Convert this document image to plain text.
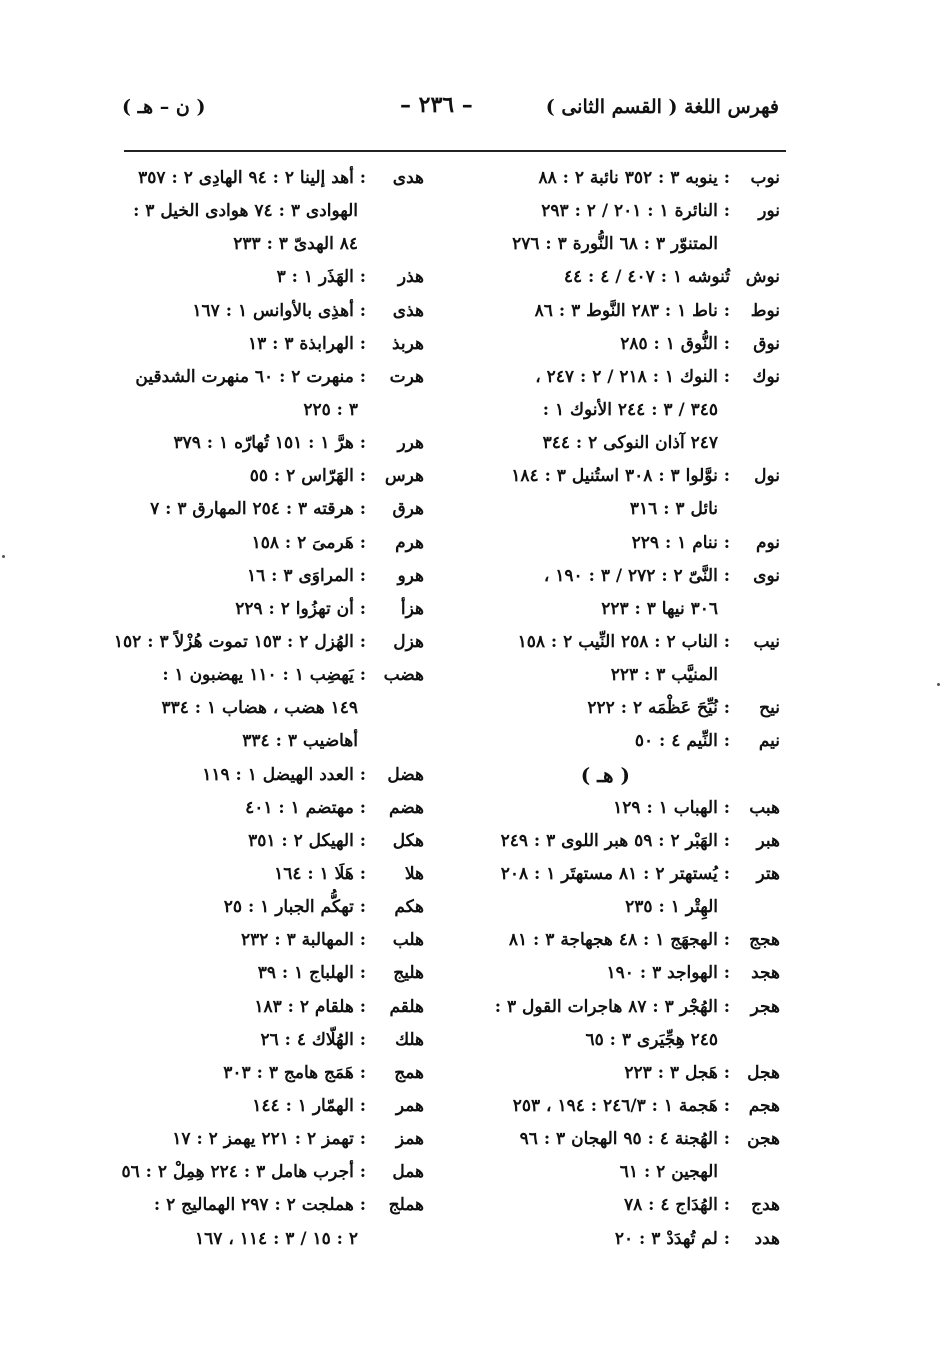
فهرس اللغة ( القسم الثانى )
– ٢٣٦ –
( ن – هـ )
نوب
: ينوبه ٣ : ٣٥٢ نائبة ٢ : ٨٨
نور
: النائرة ١ : ٢٠١ / ٢ : ٢٩٣
المتنوّر ٣ : ٦٨ النُّورة ٣ : ٢٧٦
نوش
تُنوشه ١ : ٤٠٧ / ٤ : ٤٤
نوط
: ناط ١ : ٢٨٣ النَّوط ٣ : ٨٦
نوق
: النُّوق ١ : ٢٨٥
نوك
: النوك ١ : ٢١٨ / ٢ : ٢٤٧ ،
٣٤٥ / ٣ : ٢٤٤ الأنوك ١ :
٢٤٧ آذان النوكى ٢ : ٣٤٤
نول
: نوَّلوا ٣ : ٣٠٨ استُنيل ٣ : ١٨٤
نائل ٣ : ٣١٦
نوم
: ننام ١ : ٢٢٩
نوى
: النَّىّ ٢ : ٢٧٢ / ٣ : ١٩٠ ،
٣٠٦ نيها ٣ : ٢٢٣
نيب
: الناب ٢ : ٢٥٨ النِّيب ٢ : ١٥٨
المنيَّب ٣ : ٢٢٣
نيح
: نُيِّحَ عَظْمَه ٢ : ٢٢٢
نيم
: النِّيم ٤ : ٥٠
( هـ )
هبب
: الهباب ١ : ١٢٩
هبر
: الهَبْر ٢ : ٥٩ هبر اللوى ٣ : ٢٤٩
هتر
: يُستهتر ٢ : ٨١ مستهتَر ١ : ٢٠٨
الهِتْر ١ : ٢٣٥
هجج
: الهجهَج ١ : ٤٨ هجهاجة ٣ : ٨١
هجد
: الهواجد ٣ : ١٩٠
هجر
: الهُجْر ٣ : ٨٧ هاجرات القول ٣ :
٢٤٥ هِجِّيَرى ٣ : ٦٥
هجل
: هَجل ٣ : ٢٢٣
هجم
: هَجمة ١ : ٢٤٦/٣ : ١٩٤ ، ٢٥٣
هجن
: الهُجنة ٤ : ٩٥ الهجان ٣ : ٩٦
الهجين ٢ : ٦١
هدج
: الهُدَاج ٤ : ٧٨
هدد
: لم تُهدَدْ ٣ : ٢٠
هدى
: أهد إلينا ٢ : ٩٤ الهادِى ٢ : ٣٥٧
الهوادى ٣ : ٧٤ هوادى الخيل ٣ :
٨٤ الهدىّ ٣ : ٢٣٣
هذر
: الهَذَر ١ : ٣
هذى
: أهذِى بالأوانس ١ : ١٦٧
هربذ
: الهرابذة ٣ : ١٣
هرت
: منهرت ٢ : ٦٠ منهرت الشدقين
٣ : ٢٢٥
هرر
: هرَّ ١ : ١٥١ تُهارّه ١ : ٣٧٩
هرس
: الهَرّاس ٢ : ٥٥
هرق
: هرقته ٣ : ٢٥٤ المهارق ٣ : ٧
هرم
: هَرمىَ ٢ : ١٥٨
هرو
: المراوَى ٣ : ١٦
هزأ
: أن تهزُوا ٢ : ٢٢٩
هزل
: الهُزل ٢ : ١٥٣ تموت هُزْلاً ٣ : ١٥٢
هضب
: يَهضِب ١ : ١١٠ يهضبون ١ :
١٤٩ هضب ، هضاب ١ : ٣٣٤
أهاضيب ٣ : ٣٣٤
هضل
: العدد الهيضل ١ : ١١٩
هضم
: مهتضم ١ : ٤٠١
هكل
: الهيكل ٢ : ٣٥١
هلا
: هَلَا ١ : ١٦٤
هكم
: تهكُّم الجبار ١ : ٢٥
هلب
: المهالبة ٣ : ٢٣٢
هليج
: الهلباج ١ : ٣٩
هلقم
: هلقام ٢ : ١٨٣
هلك
: الهُلّاك ٤ : ٢٦
همج
: هَمَج هامج ٣ : ٣٠٣
همر
: الهمّار ١ : ١٤٤
همز
: تهمز ٢ : ٢٢١ يهمز ٢ : ١٧
همل
: أجرب هامل ٣ : ٢٢٤ هِمِلْ ٢ : ٥٦
هملج
: هملجت ٢ : ٢٩٧ الهماليج ٢ :
٢ : ١٥ / ٣ : ١١٤ ، ١٦٧
